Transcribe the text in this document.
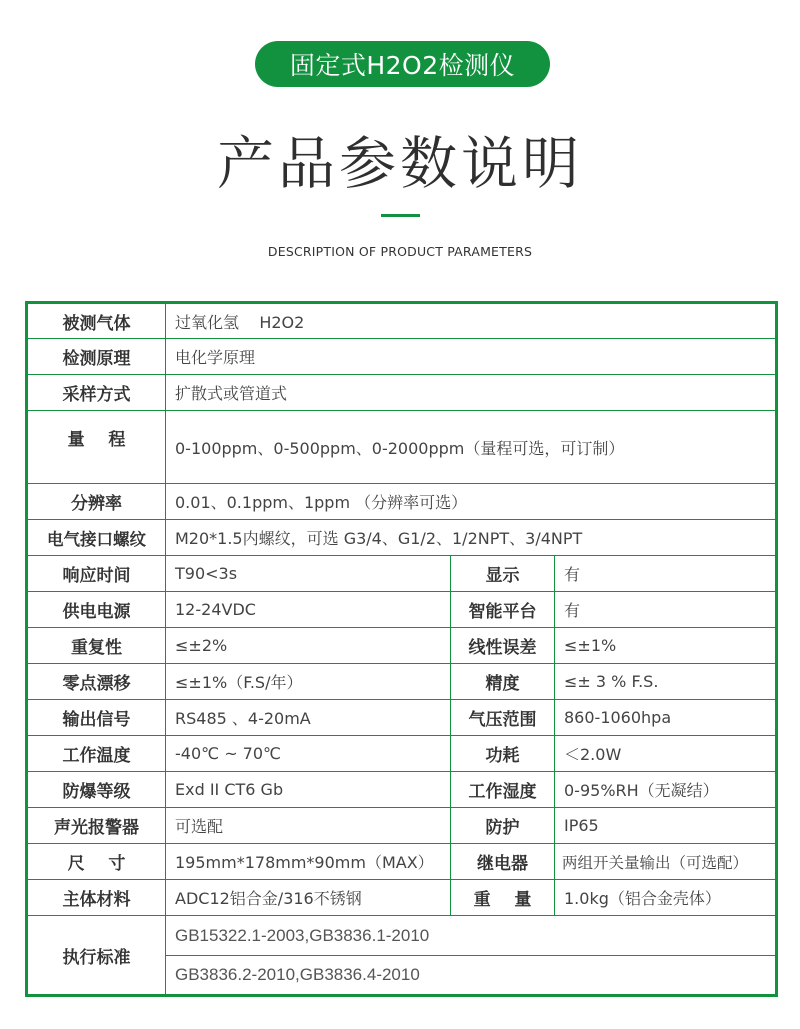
固定式H2O2检测仪
产品参数说明
DESCRIPTION OF PRODUCT PARAMETERS
被测气体	过氧化氢    H2O2		
检测原理	电化学原理		
采样方式	扩散式或管道式		

量    程	0-100ppm、0-500ppm、0-2000ppm（量程可选，可订制）		
分辨率	0.01、0.1ppm、1ppm （分辨率可选）		
电气接口螺纹	M20*1.5内螺纹，可选 G3/4、G1/2、1/2NPT、3/4NPT		
响应时间	T90<3s	显示	有
供电电源	12-24VDC	智能平台	有
重复性	≤±2%	线性误差	≤±1%
零点漂移	≤±1%（F.S/年）	精度	≤± 3 % F.S.
输出信号	RS485 、4-20mA	气压范围	860-1060hpa
工作温度	-40℃ ~ 70℃	功耗	＜2.0W
防爆等级	Exd II CT6 Gb	工作湿度	0-95%RH（无凝结）
声光报警器	可选配	防护	IP65
尺    寸	195mm*178mm*90mm（MAX）	继电器	两组开关量输出（可选配）
主体材料	ADC12铝合金/316不锈钢	重    量	1.0kg（铝合金壳体）
执行标准	GB15322.1-2003,GB3836.1-2010		
	GB3836.2-2010,GB3836.4-2010		
